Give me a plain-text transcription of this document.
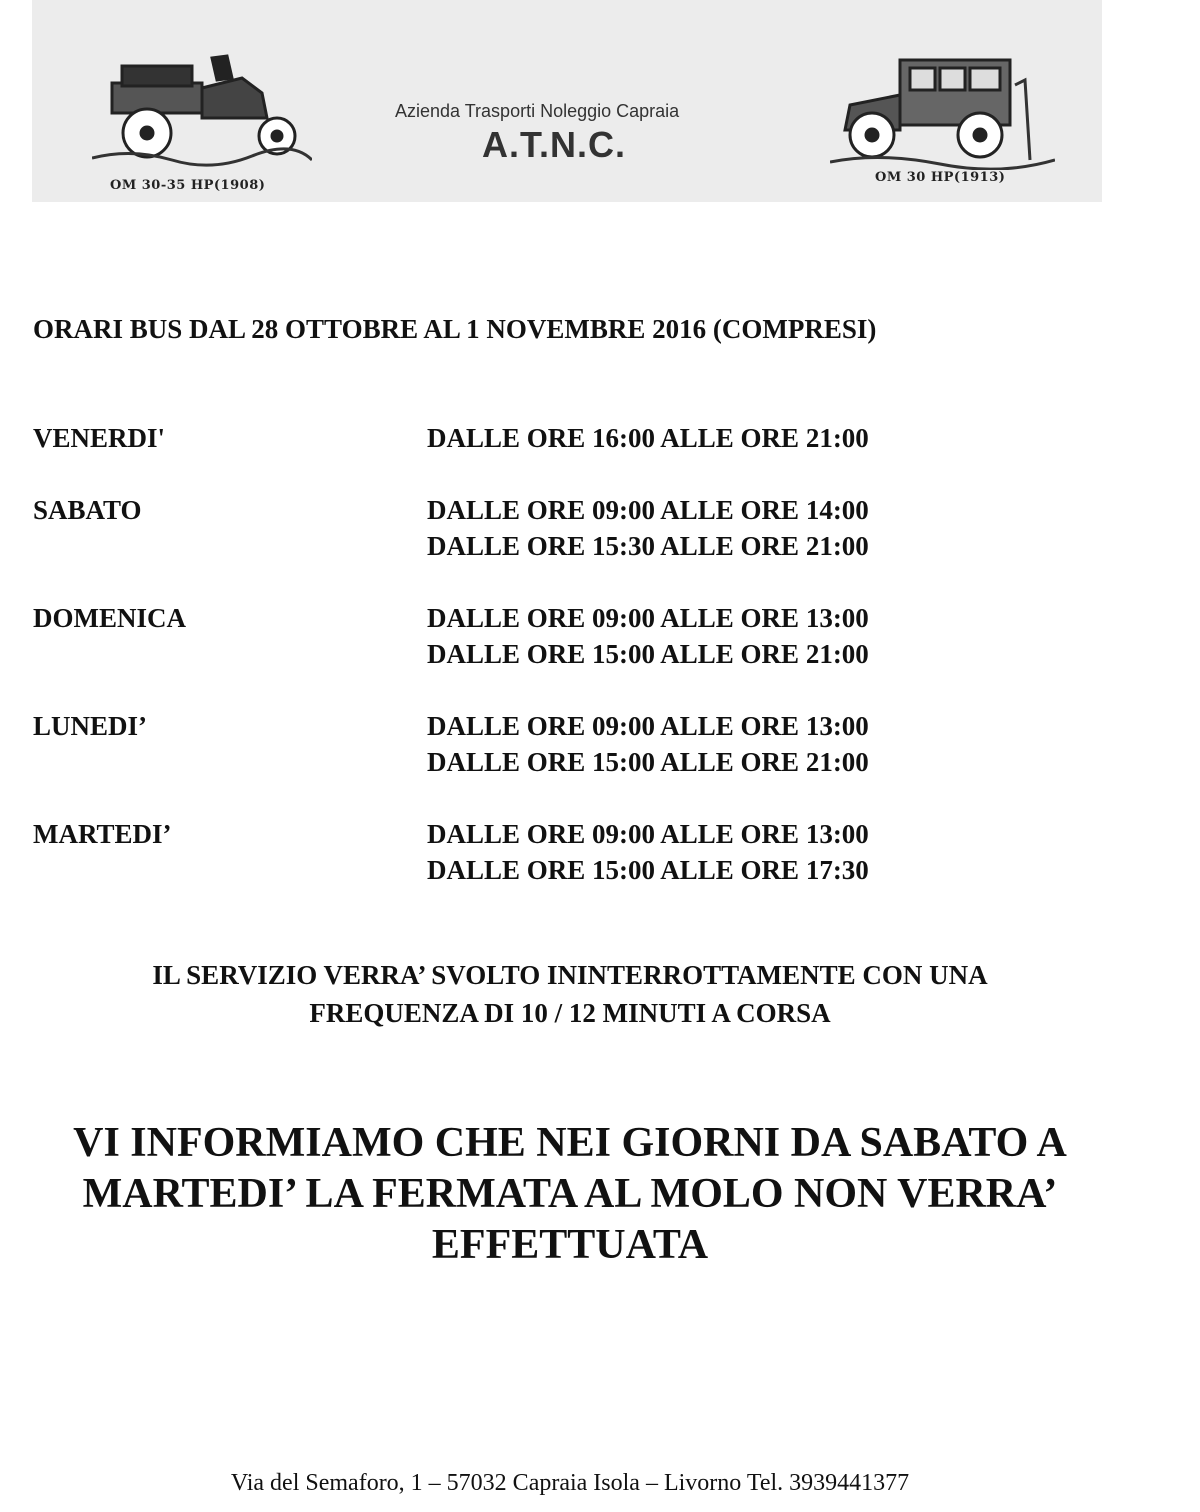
OM 30-35 HP(1908)
Azienda Trasporti Noleggio Capraia
A.T.N.C.
OM 30 HP(1913)
ORARI BUS DAL 28 OTTOBRE AL 1 NOVEMBRE 2016 (COMPRESI)
VENERDI'	DALLE ORE 16:00 ALLE ORE 21:00
SABATO	DALLE ORE 09:00 ALLE ORE 14:00
DALLE ORE 15:30 ALLE ORE 21:00
DOMENICA	DALLE ORE 09:00 ALLE ORE 13:00
DALLE ORE 15:00 ALLE ORE 21:00
LUNEDI’	DALLE ORE 09:00 ALLE ORE 13:00
DALLE ORE 15:00 ALLE ORE 21:00
MARTEDI’	DALLE ORE 09:00 ALLE ORE 13:00
DALLE ORE 15:00 ALLE ORE 17:30
IL SERVIZIO VERRA’ SVOLTO ININTERROTTAMENTE CON UNA
FREQUENZA DI 10 / 12 MINUTI A CORSA
VI INFORMIAMO CHE NEI GIORNI DA SABATO A
MARTEDI’ LA FERMATA AL MOLO NON VERRA’
EFFETTUATA
Via del Semaforo, 1 – 57032 Capraia Isola – Livorno Tel. 3939441377
